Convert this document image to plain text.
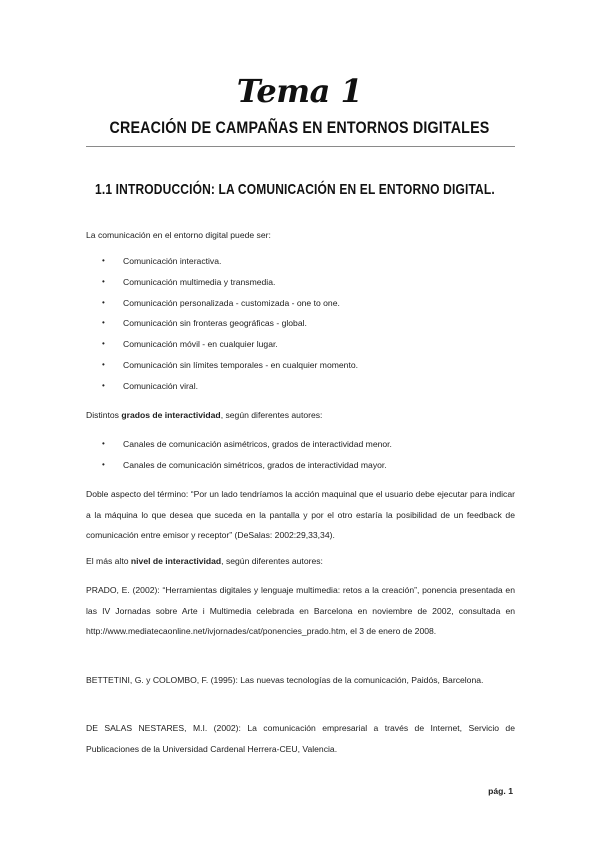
Tema 1
CREACIÓN DE CAMPAÑAS EN ENTORNOS DIGITALES
1.1 INTRODUCCIÓN: LA COMUNICACIÓN EN EL ENTORNO DIGITAL.

La comunicación en el entorno digital puede ser:

• Comunicación interactiva.
• Comunicación multimedia y transmedia.
• Comunicación personalizada - customizada - one to one.
• Comunicación sin fronteras geográficas - global.
• Comunicación móvil - en cualquier lugar.
• Comunicación sin límites temporales - en cualquier momento.
• Comunicación viral.

Distintos grados de interactividad, según diferentes autores:

• Canales de comunicación asimétricos, grados de interactividad menor.
• Canales de comunicación simétricos, grados de interactividad mayor.

Doble aspecto del término: “Por un lado tendríamos la acción maquinal que el usuario debe ejecutar para indicar a la máquina lo que desea que suceda en la pantalla y por el otro estaría la posibilidad de un feedback de comunicación entre emisor y receptor” (DeSalas: 2002:29,33,34).

El más alto nivel de interactividad, según diferentes autores:

PRADO, E. (2002): “Herramientas digitales y lenguaje multimedia: retos a la creación”, ponencia presentada en las IV Jornadas sobre Arte i Multimedia celebrada en Barcelona en noviembre de 2002, consultada en http://www.mediatecaonline.net/ivjornades/cat/ponencies_prado.htm, el 3 de enero de 2008.

BETTETINI, G. y COLOMBO, F. (1995): Las nuevas tecnologías de la comunicación, Paidós, Barcelona.

DE SALAS NESTARES, M.I. (2002): La comunicación empresarial a través de Internet, Servicio de Publicaciones de la Universidad Cardenal Herrera-CEU, Valencia.

pág. 1
